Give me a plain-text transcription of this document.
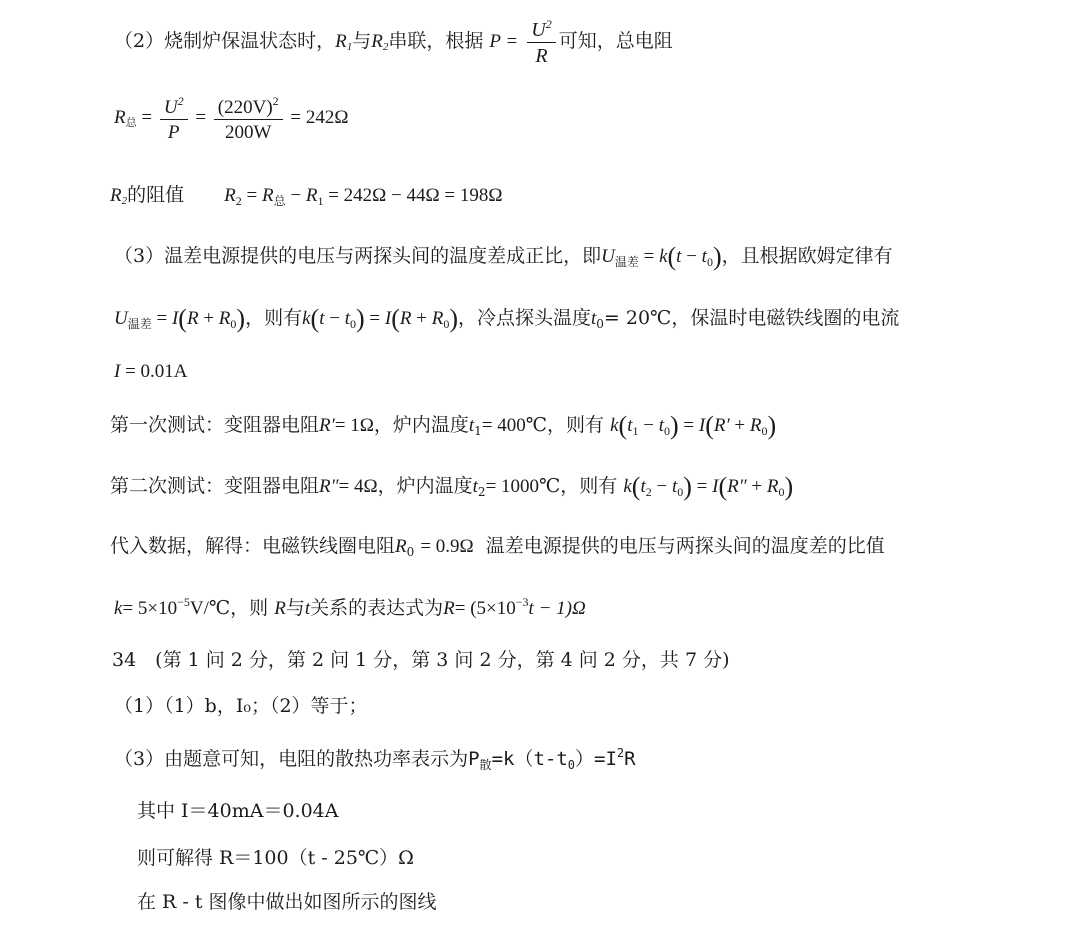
（2）烧制炉保温状态时，$R_1$与$R_2$串联，根据 $P = \frac{U^2}{R}$ 可知，总电阻
$R_总 = \frac{U^2}{P} = \frac{(220V)^2}{200W} = 242\Omega$
$R_2$的阻值 $R_2 = R_总 - R_1 = 242\Omega - 44\Omega = 198\Omega$
（3）温差电源提供的电压与两探头间的温度差成正比，即$U_{温差} = k(t - t_0)$，且根据欧姆定律有
$U_{温差} = I(R + R_0)$，则有$k(t - t_0) = I(R + R_0)$，冷点探头温度$t_0=$ 20℃，保温时电磁铁线圈的电流
I = 0.01A
第一次测试：变阻器电阻R′= 1Ω，炉内温度$t_1=$ 400℃，则有 $k(t_1 - t_0) = I(R' + R_0)$
第二次测试：变阻器电阻R″= 4Ω，炉内温度$t_2=$ 1000℃，则有 $k(t_2 - t_0) = I(R'' + R_0)$
代入数据，解得：电磁铁线圈电阻$R_0 = 0.9\Omega$ 温差电源提供的电压与两探头间的温度差的比值
$k= 5\times 10^{-5}V/℃$，则 R与t关系的表达式为$R= (5\times 10^{-3}t - 1)\Omega$
34　(第 1 问 2 分，第 2 问 1 分，第 3 问 2 分，第 4 问 2 分，共 7 分)
（1）（1）b，I₀；（2）等于；
（3）由题意可知，电阻的散热功率表示为$P_散=k(t-t_0)=I^2R$
其中 I＝40mA＝0.04A
则可解得 R＝100（t - 25℃）Ω
在 R - t 图像中做出如图所示的图线
